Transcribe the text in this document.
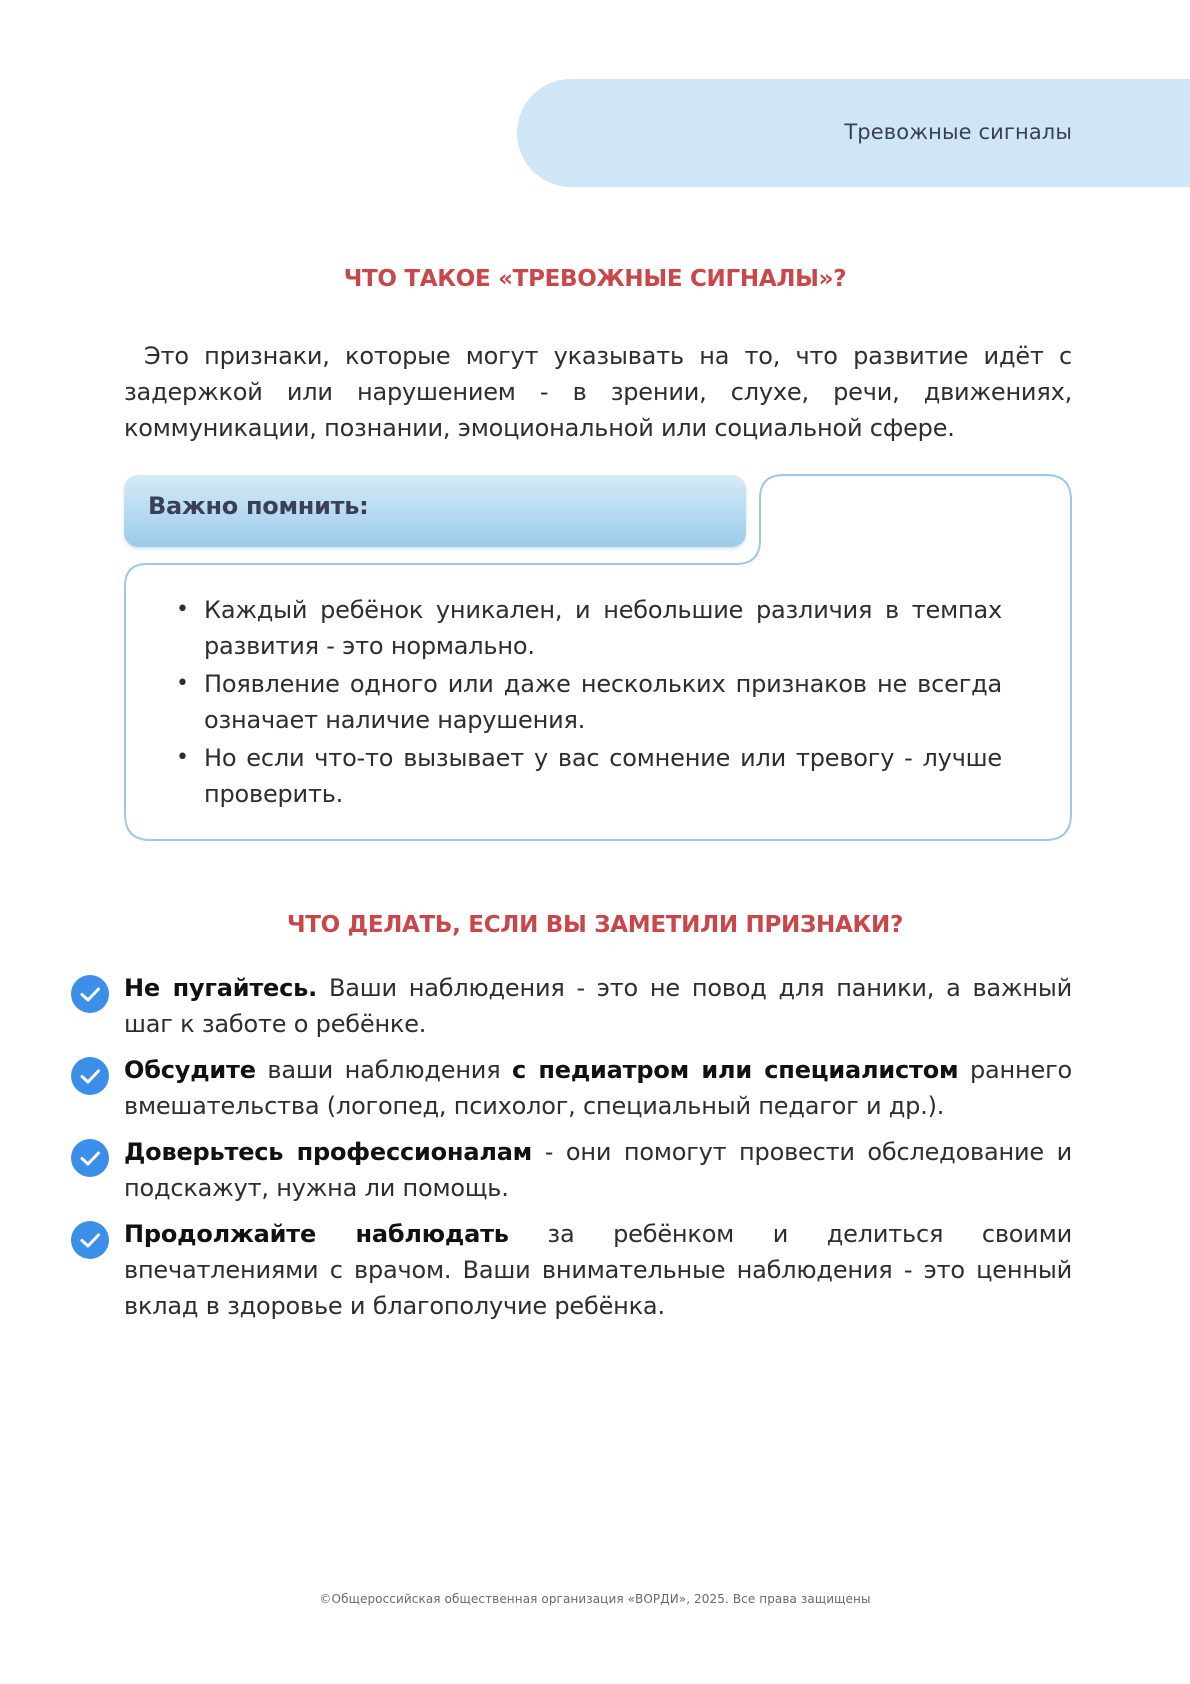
Тревожные сигналы
ЧТО ТАКОЕ «ТРЕВОЖНЫЕ СИГНАЛЫ»?

Это признаки, которые могут указывать на то, что развитие идёт с задержкой или нарушением - в зрении, слухе, речи, движениях, коммуникации, познании, эмоциональной или социальной сфере.

Важно помнить:
• Каждый ребёнок уникален, и небольшие различия в темпах развития - это нормально.
• Появление одного или даже нескольких признаков не всегда означает наличие нарушения.
• Но если что-то вызывает у вас сомнение или тревогу - лучше проверить.
ЧТО ДЕЛАТЬ, ЕСЛИ ВЫ ЗАМЕТИЛИ ПРИЗНАКИ?

Не пугайтесь. Ваши наблюдения - это не повод для паники, а важный шаг к заботе о ребёнке.

Обсудите ваши наблюдения с педиатром или специалистом раннего вмешательства (логопед, психолог, специальный педагог и др.).

Доверьтесь профессионалам - они помогут провести обследование и подскажут, нужна ли помощь.

Продолжайте наблюдать за ребёнком и делиться своими впечатлениями с врачом. Ваши внимательные наблюдения - это ценный вклад в здоровье и благополучие ребёнка.

©Общероссийская общественная организация «ВОРДИ», 2025. Все права защищены
